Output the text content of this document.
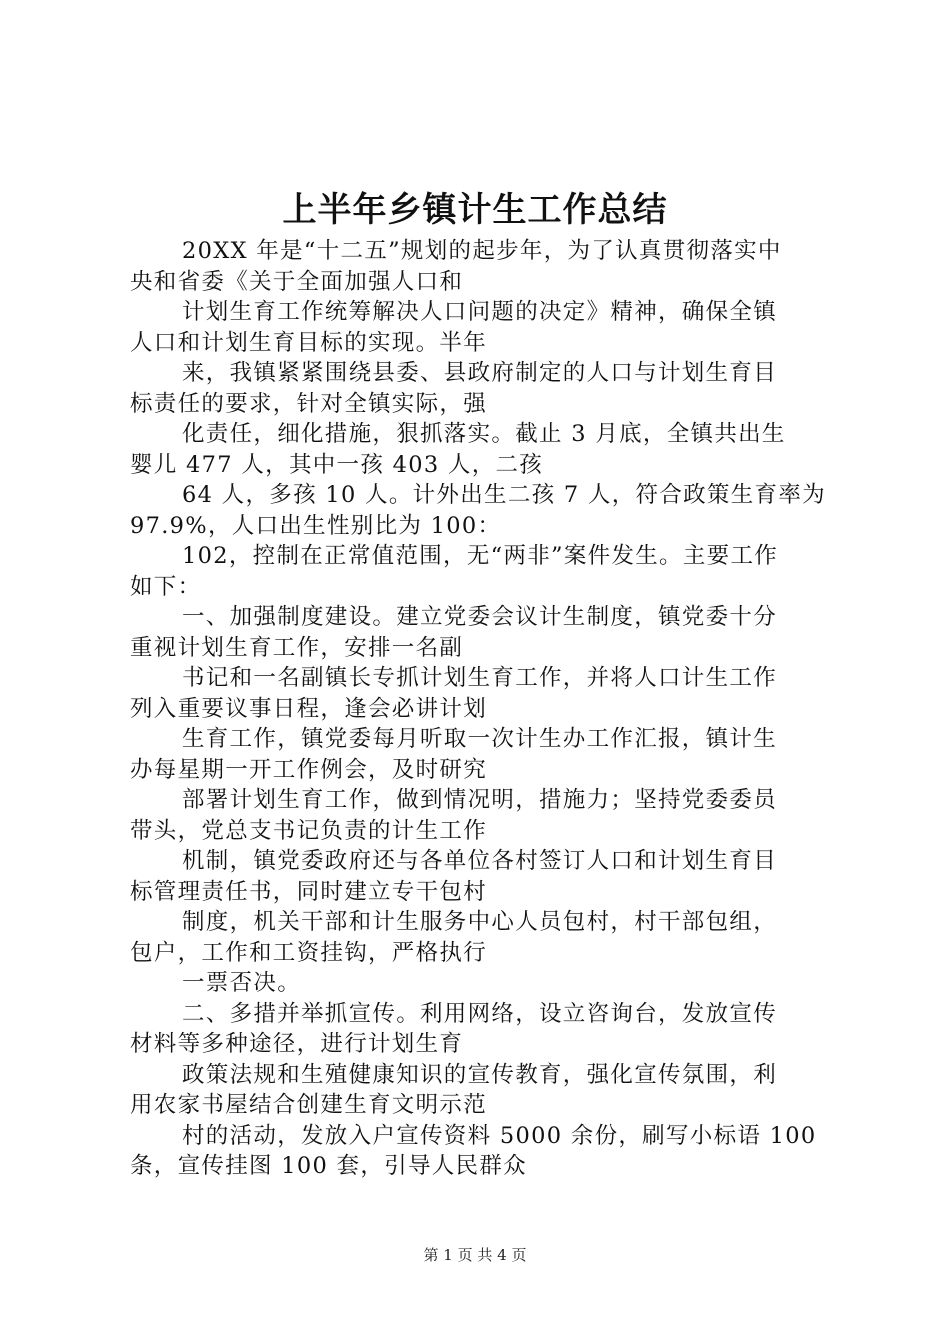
上半年乡镇计生工作总结
20XX 年是“十二五”规划的起步年，为了认真贯彻落实中
央和省委《关于全面加强人口和
计划生育工作统筹解决人口问题的决定》精神，确保全镇
人口和计划生育目标的实现。半年
来，我镇紧紧围绕县委、县政府制定的人口与计划生育目
标责任的要求，针对全镇实际，强
化责任，细化措施，狠抓落实。截止 3 月底，全镇共出生
婴儿 477 人，其中一孩 403 人，二孩
64 人，多孩 10 人。计外出生二孩 7 人，符合政策生育率为
97.9%，人口出生性别比为 100：
102，控制在正常值范围，无“两非”案件发生。主要工作
如下：
一、加强制度建设。建立党委会议计生制度，镇党委十分
重视计划生育工作，安排一名副
书记和一名副镇长专抓计划生育工作，并将人口计生工作
列入重要议事日程，逢会必讲计划
生育工作，镇党委每月听取一次计生办工作汇报，镇计生
办每星期一开工作例会，及时研究
部署计划生育工作，做到情况明，措施力；坚持党委委员
带头，党总支书记负责的计生工作
机制，镇党委政府还与各单位各村签订人口和计划生育目
标管理责任书，同时建立专干包村
制度，机关干部和计生服务中心人员包村，村干部包组，
包户，工作和工资挂钩，严格执行
一票否决。
二、多措并举抓宣传。利用网络，设立咨询台，发放宣传
材料等多种途径，进行计划生育
政策法规和生殖健康知识的宣传教育，强化宣传氛围，利
用农家书屋结合创建生育文明示范
村的活动，发放入户宣传资料 5000 余份，刷写小标语 100
条，宣传挂图 100 套，引导人民群众
第 1 页 共 4 页
